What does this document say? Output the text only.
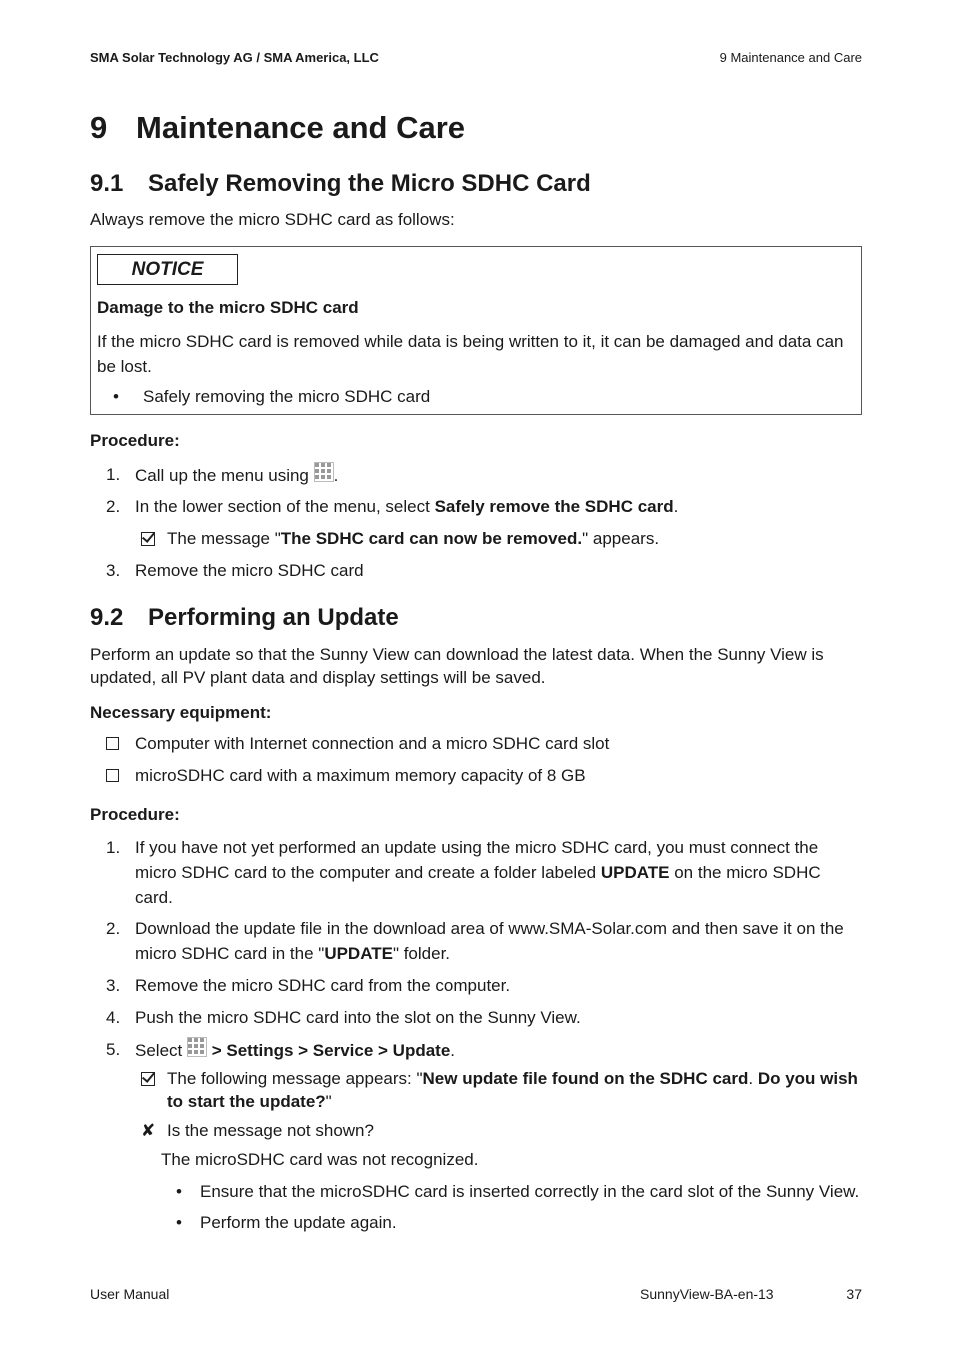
SMA Solar Technology AG / SMA America, LLC	9 Maintenance and Care
9 Maintenance and Care
9.1 Safely Removing the Micro SDHC Card
Always remove the micro SDHC card as follows:
NOTICE
Damage to the micro SDHC card
If the micro SDHC card is removed while data is being written to it, it can be damaged and data can be lost.
• Safely removing the micro SDHC card
Procedure:
1. Call up the menu using .
2. In the lower section of the menu, select Safely remove the SDHC card.
The message "The SDHC card can now be removed." appears.
3. Remove the micro SDHC card
9.2 Performing an Update
Perform an update so that the Sunny View can download the latest data. When the Sunny View is updated, all PV plant data and display settings will be saved.
Necessary equipment:
Computer with Internet connection and a micro SDHC card slot
microSDHC card with a maximum memory capacity of 8 GB
Procedure:
1. If you have not yet performed an update using the micro SDHC card, you must connect the micro SDHC card to the computer and create a folder labeled UPDATE on the micro SDHC card.
2. Download the update file in the download area of www.SMA-Solar.com and then save it on the micro SDHC card in the "UPDATE" folder.
3. Remove the micro SDHC card from the computer.
4. Push the micro SDHC card into the slot on the Sunny View.
5. Select  > Settings > Service > Update.
The following message appears: "New update file found on the SDHC card. Do you wish to start the update?"
✘ Is the message not shown?
The microSDHC card was not recognized.
• Ensure that the microSDHC card is inserted correctly in the card slot of the Sunny View.
• Perform the update again.
User Manual	SunnyView-BA-en-13	37
